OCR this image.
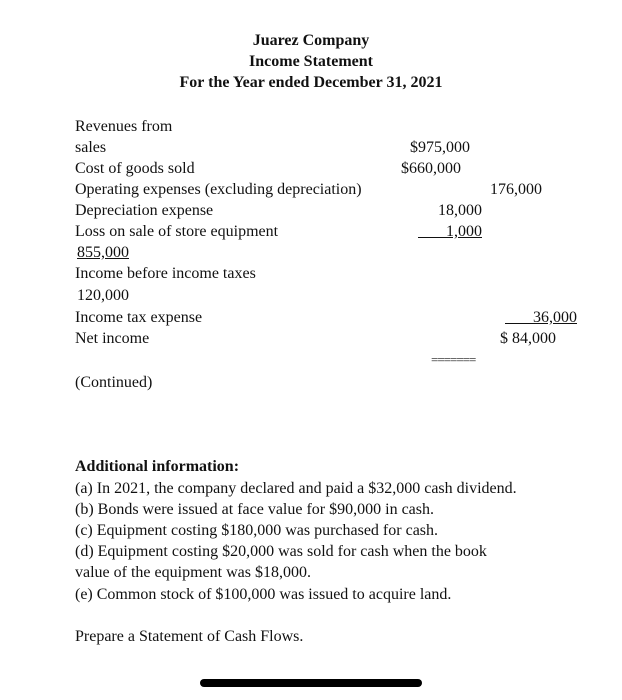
Juarez Company
Income Statement
For the Year ended December 31, 2021
Revenues from
sales	$975,000
Cost of goods sold	$660,000
Operating expenses (excluding depreciation)	176,000
Depreciation expense	18,000
Loss on sale of store equipment	1,000
855,000
Income before income taxes
120,000
Income tax expense	36,000
Net income	$ 84,000
=======
(Continued)
Additional information:
(a) In 2021, the company declared and paid a $32,000 cash dividend.
(b) Bonds were issued at face value for $90,000 in cash.
(c) Equipment costing $180,000 was purchased for cash.
(d) Equipment costing $20,000 was sold for cash when the book
value of the equipment was $18,000.
(e) Common stock of $100,000 was issued to acquire land.
Prepare a Statement of Cash Flows.
